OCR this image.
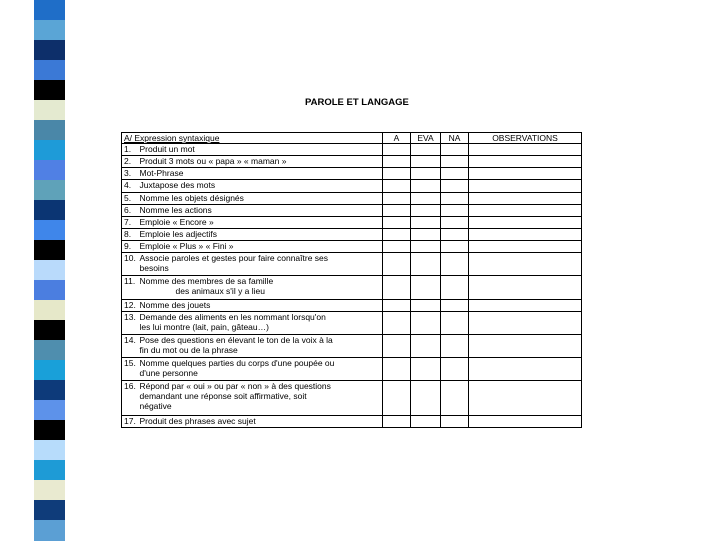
PAROLE ET LANGAGE
A/ Expression syntaxique		A	EVA	NA	OBSERVATIONS
1.	Produit un mot				
2.	Produit 3 mots ou « papa » « maman »				
3.	Mot-Phrase				
4.	Juxtapose des mots				
5.	Nomme les objets désignés				
6.	Nomme les actions				
7.	Emploie « Encore »				
8.	Emploie les adjectifs				
9.	Emploie « Plus » « Fini »				
10.	Associe paroles et gestes pour faire connaître ses
besoins				
11.	Nomme des membres de sa famille
des animaux s'il y a lieu				
12.	Nomme des jouets				
13.	Demande des aliments en les nommant lorsqu'on
les lui montre (lait, pain, gâteau…)				
14.	Pose des questions en élevant le ton de la voix à la
fin du mot ou de la phrase				
15.	Nomme quelques parties du corps d'une poupée ou
d'une personne				
16.	Répond par « oui » ou par « non » à des questions
demandant une réponse soit affirmative, soit
négative				
17.	Produit des phrases avec sujet				
